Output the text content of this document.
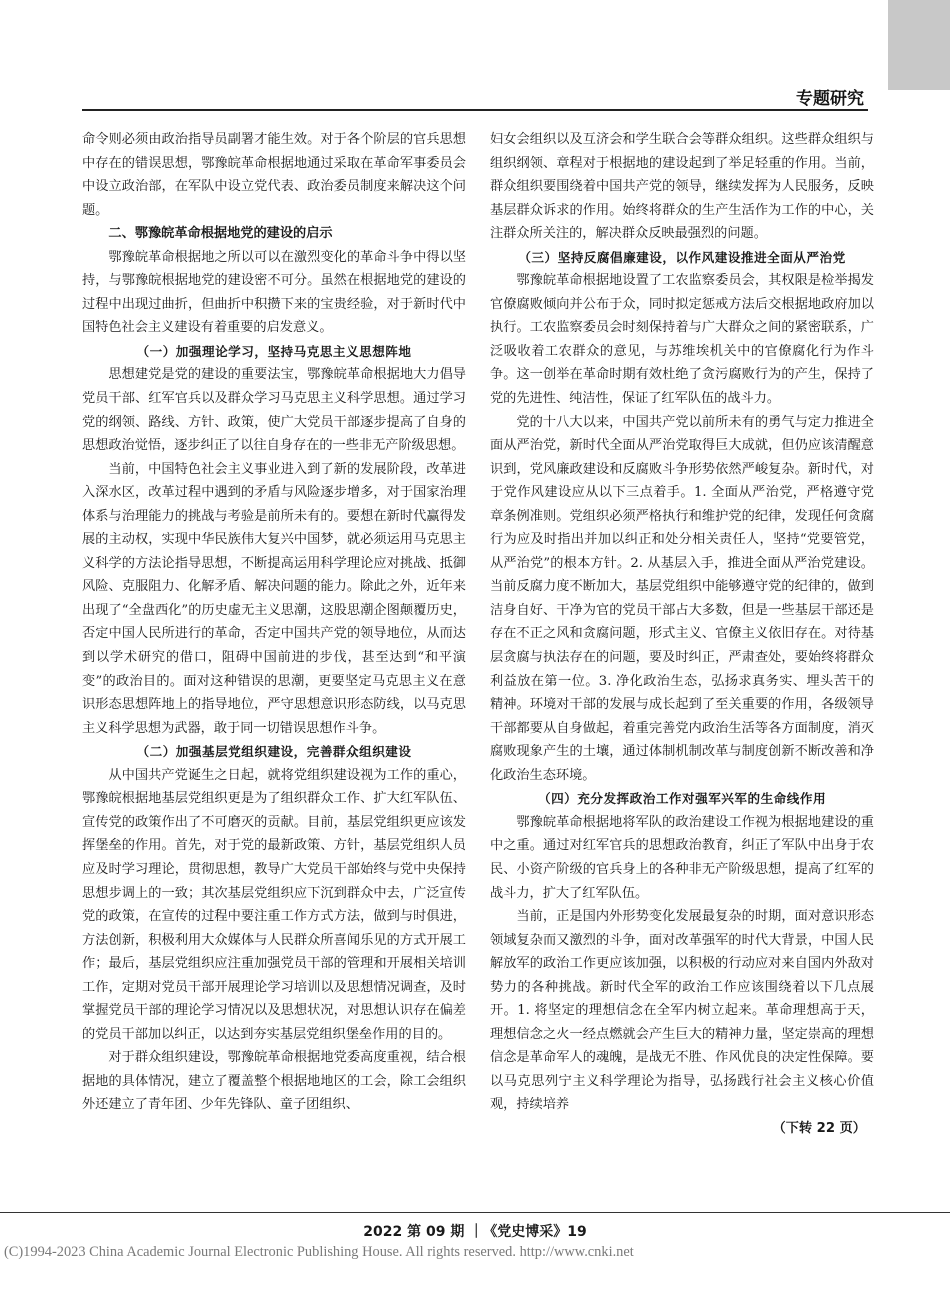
专题研究

命令则必须由政治指导员副署才能生效。对于各个阶层的官兵思想中存在的错误思想，鄂豫皖革命根据地通过采取在革命军事委员会中设立政治部，在军队中设立党代表、政治委员制度来解决这个问题。

二、鄂豫皖革命根据地党的建设的启示

鄂豫皖革命根据地之所以可以在激烈变化的革命斗争中得以坚持，与鄂豫皖根据地党的建设密不可分。虽然在根据地党的建设的过程中出现过曲折，但曲折中积攒下来的宝贵经验，对于新时代中国特色社会主义建设有着重要的启发意义。

（一）加强理论学习，坚持马克思主义思想阵地

思想建党是党的建设的重要法宝，鄂豫皖革命根据地大力倡导党员干部、红军官兵以及群众学习马克思主义科学思想。通过学习党的纲领、路线、方针、政策，使广大党员干部逐步提高了自身的思想政治觉悟，逐步纠正了以往自身存在的一些非无产阶级思想。

当前，中国特色社会主义事业进入到了新的发展阶段，改革进入深水区，改革过程中遇到的矛盾与风险逐步增多，对于国家治理体系与治理能力的挑战与考验是前所未有的。要想在新时代赢得发展的主动权，实现中华民族伟大复兴中国梦，就必须运用马克思主义科学的方法论指导思想，不断提高运用科学理论应对挑战、抵御风险、克服阻力、化解矛盾、解决问题的能力。除此之外，近年来出现了“全盘西化”的历史虚无主义思潮，这股思潮企图颠覆历史，否定中国人民所进行的革命，否定中国共产党的领导地位，从而达到以学术研究的借口，阻碍中国前进的步伐，甚至达到“和平演变”的政治目的。面对这种错误的思潮，更要坚定马克思主义在意识形态思想阵地上的指导地位，严守思想意识形态防线，以马克思主义科学思想为武器，敢于同一切错误思想作斗争。

（二）加强基层党组织建设，完善群众组织建设

从中国共产党诞生之日起，就将党组织建设视为工作的重心，鄂豫皖根据地基层党组织更是为了组织群众工作、扩大红军队伍、宣传党的政策作出了不可磨灭的贡献。目前，基层党组织更应该发挥堡垒的作用。首先，对于党的最新政策、方针，基层党组织人员应及时学习理论，贯彻思想，教导广大党员干部始终与党中央保持思想步调上的一致；其次基层党组织应下沉到群众中去，广泛宣传党的政策，在宣传的过程中要注重工作方式方法，做到与时俱进，方法创新，积极利用大众媒体与人民群众所喜闻乐见的方式开展工作；最后，基层党组织应注重加强党员干部的管理和开展相关培训工作，定期对党员干部开展理论学习培训以及思想情况调查，及时掌握党员干部的理论学习情况以及思想状况，对思想认识存在偏差的党员干部加以纠正，以达到夯实基层党组织堡垒作用的目的。

对于群众组织建设，鄂豫皖革命根据地党委高度重视，结合根据地的具体情况，建立了覆盖整个根据地地区的工会，除工会组织外还建立了青年团、少年先锋队、童子团组织、

妇女会组织以及互济会和学生联合会等群众组织。这些群众组织与组织纲领、章程对于根据地的建设起到了举足轻重的作用。当前，群众组织要围绕着中国共产党的领导，继续发挥为人民服务，反映基层群众诉求的作用。始终将群众的生产生活作为工作的中心，关注群众所关注的，解决群众反映最强烈的问题。

（三）坚持反腐倡廉建设，以作风建设推进全面从严治党

鄂豫皖革命根据地设置了工农监察委员会，其权限是检举揭发官僚腐败倾向并公布于众，同时拟定惩戒方法后交根据地政府加以执行。工农监察委员会时刻保持着与广大群众之间的紧密联系，广泛吸收着工农群众的意见，与苏维埃机关中的官僚腐化行为作斗争。这一创举在革命时期有效杜绝了贪污腐败行为的产生，保持了党的先进性、纯洁性，保证了红军队伍的战斗力。

党的十八大以来，中国共产党以前所未有的勇气与定力推进全面从严治党，新时代全面从严治党取得巨大成就，但仍应该清醒意识到，党风廉政建设和反腐败斗争形势依然严峻复杂。新时代，对于党作风建设应从以下三点着手。1. 全面从严治党，严格遵守党章条例准则。党组织必须严格执行和维护党的纪律，发现任何贪腐行为应及时指出并加以纠正和处分相关责任人，坚持“党要管党，从严治党”的根本方针。2. 从基层入手，推进全面从严治党建设。当前反腐力度不断加大，基层党组织中能够遵守党的纪律的，做到洁身自好、干净为官的党员干部占大多数，但是一些基层干部还是存在不正之风和贪腐问题，形式主义、官僚主义依旧存在。对待基层贪腐与执法存在的问题，要及时纠正，严肃查处，要始终将群众利益放在第一位。3. 净化政治生态，弘扬求真务实、埋头苦干的精神。环境对干部的发展与成长起到了至关重要的作用，各级领导干部都要从自身做起，着重完善党内政治生活等各方面制度，消灭腐败现象产生的土壤，通过体制机制改革与制度创新不断改善和净化政治生态环境。

（四）充分发挥政治工作对强军兴军的生命线作用

鄂豫皖革命根据地将军队的政治建设工作视为根据地建设的重中之重。通过对红军官兵的思想政治教育，纠正了军队中出身于农民、小资产阶级的官兵身上的各种非无产阶级思想，提高了红军的战斗力，扩大了红军队伍。

当前，正是国内外形势变化发展最复杂的时期，面对意识形态领域复杂而又激烈的斗争，面对改革强军的时代大背景，中国人民解放军的政治工作更应该加强，以积极的行动应对来自国内外敌对势力的各种挑战。新时代全军的政治工作应该围绕着以下几点展开。1. 将坚定的理想信念在全军内树立起来。革命理想高于天，理想信念之火一经点燃就会产生巨大的精神力量，坚定崇高的理想信念是革命军人的魂魄，是战无不胜、作风优良的决定性保障。要以马克思列宁主义科学理论为指导，弘扬践行社会主义核心价值观，持续培养

（下转 22 页）

2022 第 09 期 ｜《党史博采》19
(C)1994-2023 China Academic Journal Electronic Publishing House. All rights reserved. http://www.cnki.net
